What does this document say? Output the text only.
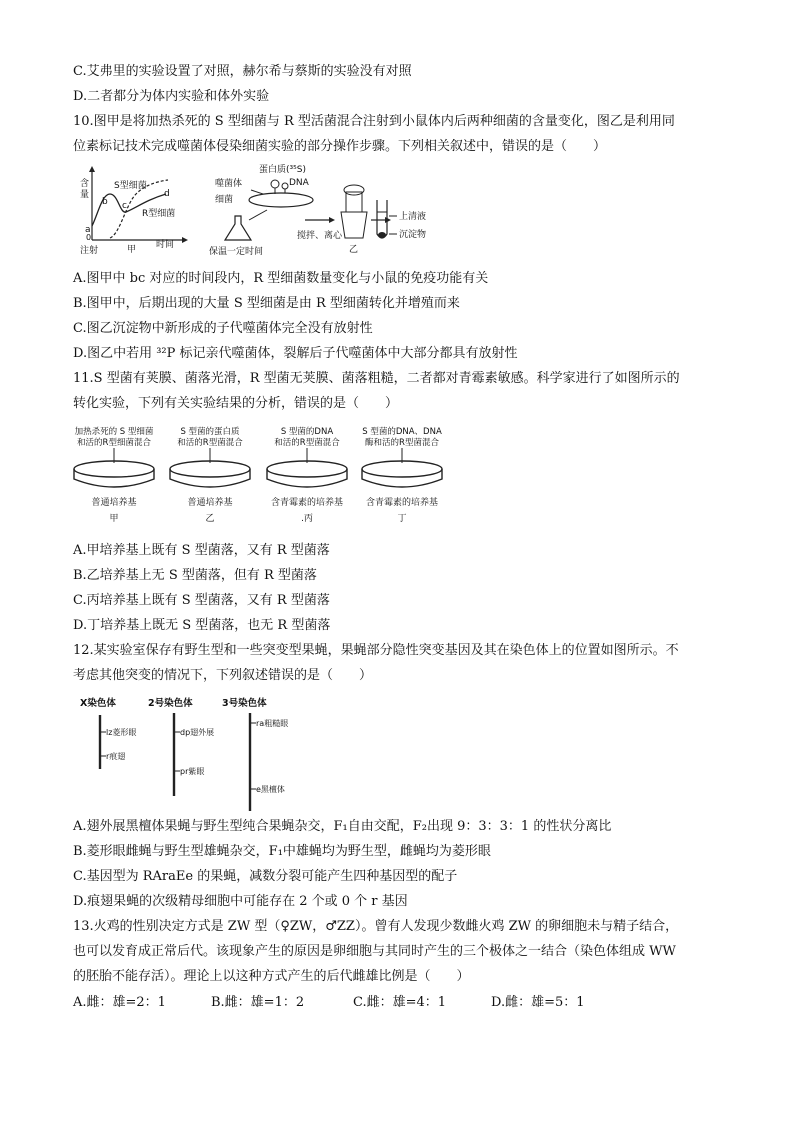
C.艾弗里的实验设置了对照，赫尔希与蔡斯的实验没有对照
D.二者都分为体内实验和体外实验
10.图甲是将加热杀死的 S 型细菌与 R 型活菌混合注射到小鼠体内后两种细菌的含量变化，图乙是利用同
位素标记技术完成噬菌体侵染细菌实验的部分操作步骤。下列相关叙述中，错误的是（　　）
含
量
S型细菌
R型细菌
a
b c
d
0
注射	甲 时间
噬菌体
蛋白质(³⁵S)
DNA
细菌
保温一定时间
搅拌、离心
乙
上清液
沉淀物
A.图甲中 bc 对应的时间段内，R 型细菌数量变化与小鼠的免疫功能有关
B.图甲中，后期出现的大量 S 型细菌是由 R 型细菌转化并增殖而来
C.图乙沉淀物中新形成的子代噬菌体完全没有放射性
D.图乙中若用 ³²P 标记亲代噬菌体，裂解后子代噬菌体中大部分都具有放射性
11.S 型菌有荚膜、菌落光滑，R 型菌无荚膜、菌落粗糙，二者都对青霉素敏感。科学家进行了如图所示的
转化实验，下列有关实验结果的分析，错误的是（　　）
加热杀死的 S 型细菌
和活的R型细菌混合
普通培养基
甲
S 型菌的蛋白质
和活的R型菌混合
普通培养基
乙
S 型菌的DNA
和活的R型菌混合
含青霉素的培养基
.丙
S 型菌的DNA、DNA
酶和活的R型菌混合
含青霉素的培养基
丁
A.甲培养基上既有 S 型菌落，又有 R 型菌落
B.乙培养基上无 S 型菌落，但有 R 型菌落
C.丙培养基上既有 S 型菌落，又有 R 型菌落
D.丁培养基上既无 S 型菌落，也无 R 型菌落
12.某实验室保存有野生型和一些突变型果蝇，果蝇部分隐性突变基因及其在染色体上的位置如图所示。不
考虑其他突变的情况下，下列叙述错误的是（　　）
X染色体	2号染色体	3号染色体
lz菱形眼
r痕翅
dp翅外展
pr紫眼
ra粗糙眼
e黑檀体
A.翅外展黑檀体果蝇与野生型纯合果蝇杂交，F₁自由交配，F₂出现 9：3：3：1 的性状分离比
B.菱形眼雌蝇与野生型雄蝇杂交，F₁中雄蝇均为野生型，雌蝇均为菱形眼
C.基因型为 RAraEe 的果蝇，减数分裂可能产生四种基因型的配子
D.痕翅果蝇的次级精母细胞中可能存在 2 个或 0 个 r 基因
13.火鸡的性别决定方式是 ZW 型（♀ZW，♂ZZ）。曾有人发现少数雌火鸡 ZW 的卵细胞未与精子结合，
也可以发育成正常后代。该现象产生的原因是卵细胞与其同时产生的三个极体之一结合（染色体组成 WW
的胚胎不能存活）。理论上以这种方式产生的后代雌雄比例是（　　）
A.雌：雄=2：1	B.雌：雄=1：2	C.雌：雄=4：1	D.雌：雄=5：1
